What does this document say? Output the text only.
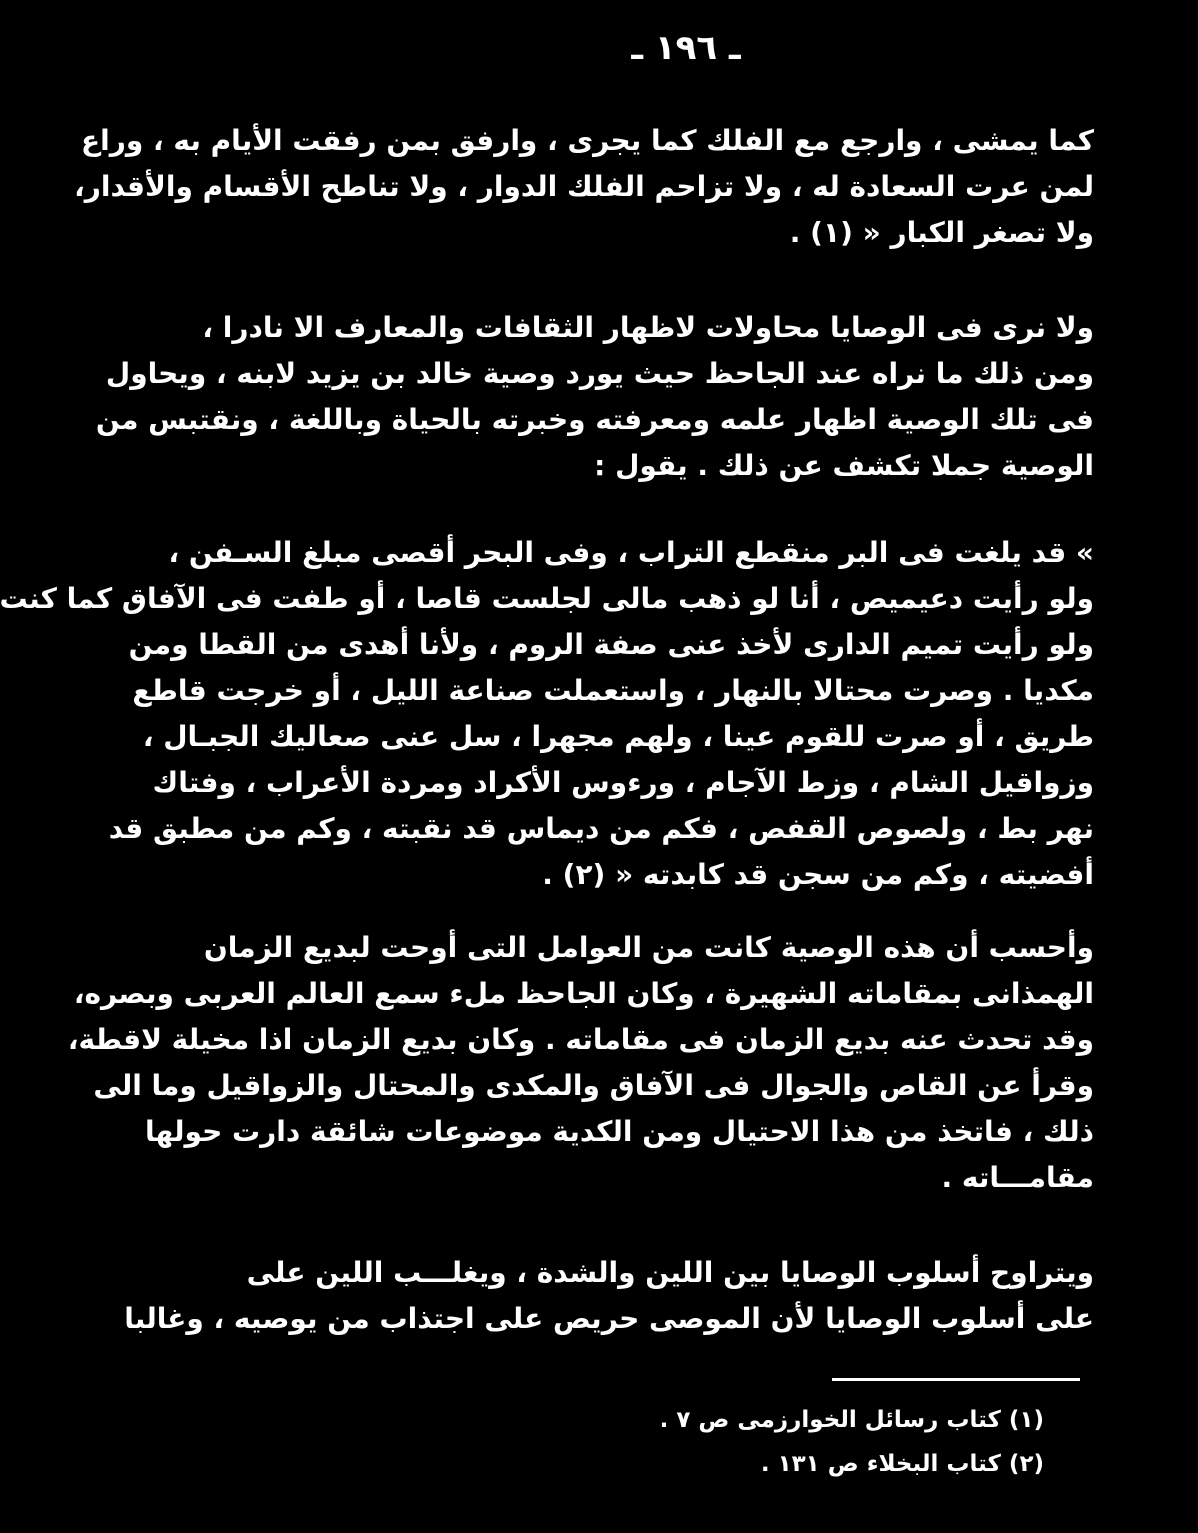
ـ ١٩٦ ـ
كما يمشى ، وارجع مع الفلك كما يجرى ، وارفق بمن رفقت الأيام به ، وراع
لمن عرت السعادة له ، ولا تزاحم الفلك الدوار ، ولا تناطح الأقسام والأقدار،
ولا تصغر الكبار « (١) .
ولا نرى فى الوصايا محاولات لاظهار الثقافات والمعارف الا نادرا ،
ومن ذلك ما نراه عند الجاحظ حيث يورد وصية خالد بن يزيد لابنه ، ويحاول
فى تلك الوصية اظهار علمه ومعرفته وخبرته بالحياة وباللغة ، ونقتبس من
الوصية جملا تكشف عن ذلك . يقول :
» قد يلغت فى البر منقطع التراب ، وفى البحر أقصى مبلغ السـفن ،
ولو رأيت دعيميص ، أنا لو ذهب مالى لجلست قاصا ، أو طفت فى الآفاق كما كنت
ولو رأيت تميم الدارى لأخذ عنى صفة الروم ، ولأنا أهدى من القطا ومن
مكديا . وصرت محتالا بالنهار ، واستعملت صناعة الليل ، أو خرجت قاطع
طريق ، أو صرت للقوم عينا ، ولهم مجهرا ، سل عنى صعاليك الجبـال ،
وزواقيل الشام ، وزط الآجام ، ورءوس الأكراد ومردة الأعراب ، وفتاك
نهر بط ، ولصوص القفص ، فكم من ديماس قد نقبته ، وكم من مطبق قد
أفضيته ، وكم من سجن قد كابدته « (٢) .
وأحسب أن هذه الوصية كانت من العوامل التى أوحت لبديع الزمان
الهمذانى بمقاماته الشهيرة ، وكان الجاحظ ملء سمع العالم العربى وبصره،
وقد تحدث عنه بديع الزمان فى مقاماته . وكان بديع الزمان اذا مخيلة لاقطة،
وقرأ عن القاص والجوال فى الآفاق والمكدى والمحتال والزواقيل وما الى
ذلك ، فاتخذ من هذا الاحتيال ومن الكدية موضوعات شائقة دارت حولها
مقامـــاته .
ويتراوح أسلوب الوصايا بين اللين والشدة ، ويغلـــب اللين على
على أسلوب الوصايا لأن الموصى حريص على اجتذاب من يوصيه ، وغالبا
(١) كتاب رسائل الخوارزمى ص ٧ .
(٢) كتاب البخلاء ص ١٣١ .
